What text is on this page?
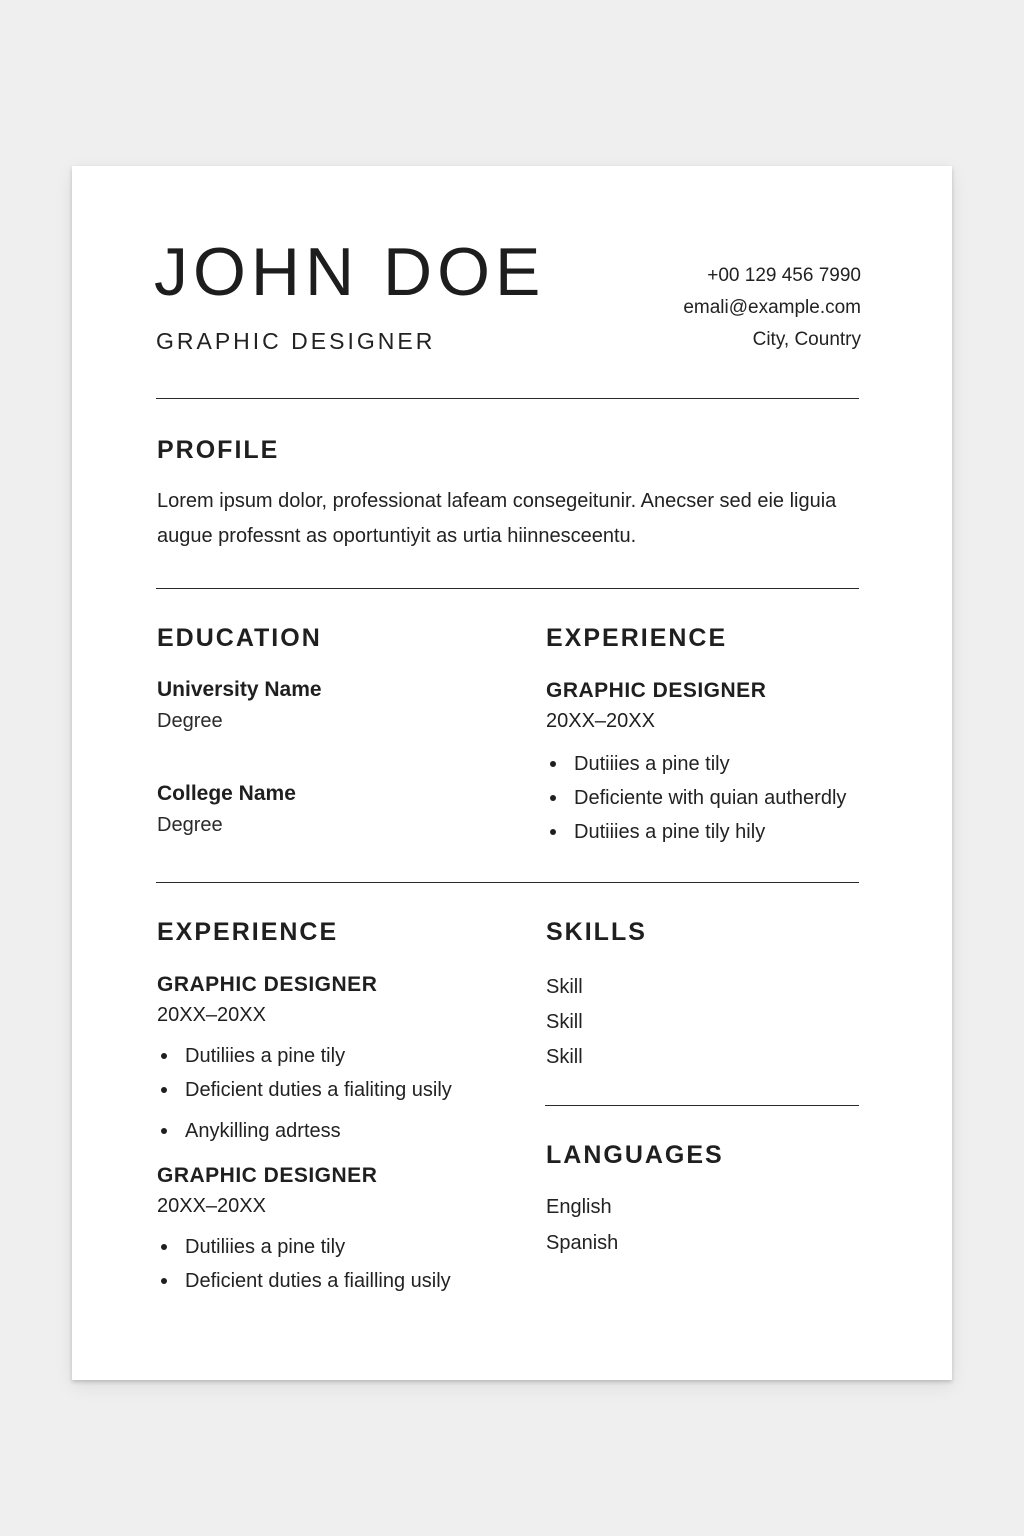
JOHN DOE
GRAPHIC DESIGNER
+00 129 456 7990
emali@example.com
City, Country
PROFILE
Lorem ipsum dolor, professionat lafeam consegeitunir. Anecser sed eie liguia augue professnt as oportuntiyit as urtia hiinnesceentu.
EDUCATION
University Name
Degree
College Name
Degree
EXPERIENCE
GRAPHIC DESIGNER
20XX–20XX
Dutiiies a pine tily
Deficiente with quian autherdly
Dutiiies a pine tily hily
EXPERIENCE
GRAPHIC DESIGNER
20XX–20XX
Dutiliies a pine tily
Deficient duties a fialiting usily
Anykilling adrtess
GRAPHIC DESIGNER
20XX–20XX
Dutiliies a pine tily
Deficient duties a fiailling usily
SKILLS
Skill
Skill
Skill
LANGUAGES
English
Spanish
